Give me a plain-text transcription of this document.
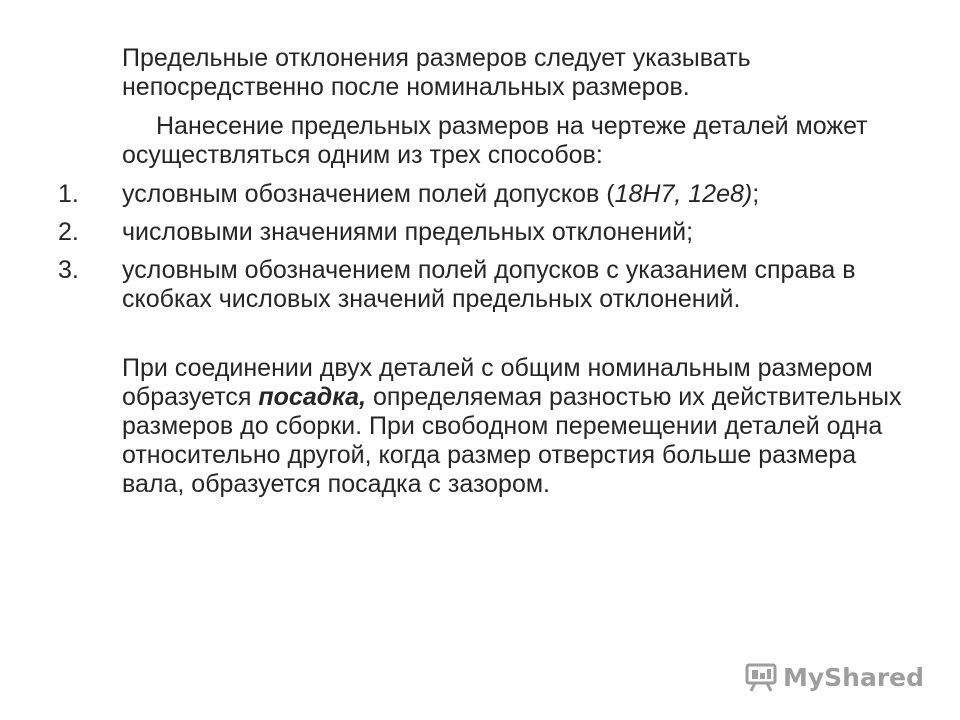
Предельные отклонения размеров следует указывать непосредственно после номинальных размеров.

Нанесение предельных размеров на чертеже деталей может осуществляться одним из трех способов:

1. условным обозначением полей допусков (18H7, 12e8);
2. числовыми значениями предельных отклонений;
3. условным обозначением полей допусков с указанием справа в скобках числовых значений предельных отклонений.

При соединении двух деталей с общим номинальным размером образуется посадка, определяемая разностью их действительных размеров до сборки. При свободном перемещении деталей одна относительно другой, когда размер отверстия больше размера вала, образуется посадка с зазором.

MyShared
